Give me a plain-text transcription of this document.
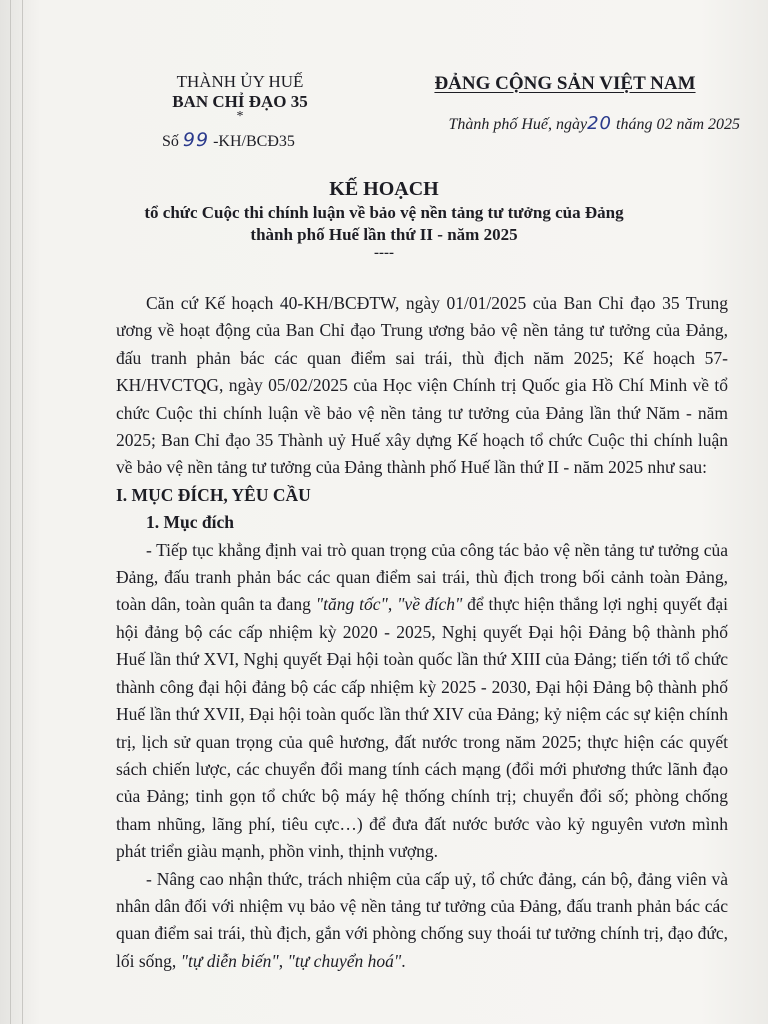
THÀNH ỦY HUẾ
BAN CHỈ ĐẠO 35
*
Số 99 -KH/BCĐ35
ĐẢNG CỘNG SẢN VIỆT NAM
Thành phố Huế, ngày20 tháng 02 năm 2025
KẾ HOẠCH
tổ chức Cuộc thi chính luận về bảo vệ nền tảng tư tưởng của Đảng
thành phố Huế lần thứ II - năm 2025
----

Căn cứ Kế hoạch 40-KH/BCĐTW, ngày 01/01/2025 của Ban Chỉ đạo 35 Trung ương về hoạt động của Ban Chỉ đạo Trung ương bảo vệ nền tảng tư tưởng của Đảng, đấu tranh phản bác các quan điểm sai trái, thù địch năm 2025; Kế hoạch 57-KH/HVCTQG, ngày 05/02/2025 của Học viện Chính trị Quốc gia Hồ Chí Minh về tổ chức Cuộc thi chính luận về bảo vệ nền tảng tư tưởng của Đảng lần thứ Năm - năm 2025; Ban Chỉ đạo 35 Thành uỷ Huế xây dựng Kế hoạch tổ chức Cuộc thi chính luận về bảo vệ nền tảng tư tưởng của Đảng thành phố Huế lần thứ II - năm 2025 như sau:

I. MỤC ĐÍCH, YÊU CẦU

1. Mục đích

- Tiếp tục khẳng định vai trò quan trọng của công tác bảo vệ nền tảng tư tưởng của Đảng, đấu tranh phản bác các quan điểm sai trái, thù địch trong bối cảnh toàn Đảng, toàn dân, toàn quân ta đang "tăng tốc", "về đích" để thực hiện thắng lợi nghị quyết đại hội đảng bộ các cấp nhiệm kỳ 2020 - 2025, Nghị quyết Đại hội Đảng bộ thành phố Huế lần thứ XVI, Nghị quyết Đại hội toàn quốc lần thứ XIII của Đảng; tiến tới tổ chức thành công đại hội đảng bộ các cấp nhiệm kỳ 2025 - 2030, Đại hội Đảng bộ thành phố Huế lần thứ XVII, Đại hội toàn quốc lần thứ XIV của Đảng; kỷ niệm các sự kiện chính trị, lịch sử quan trọng của quê hương, đất nước trong năm 2025; thực hiện các quyết sách chiến lược, các chuyển đổi mang tính cách mạng (đổi mới phương thức lãnh đạo của Đảng; tinh gọn tổ chức bộ máy hệ thống chính trị; chuyển đổi số; phòng chống tham nhũng, lãng phí, tiêu cực…) để đưa đất nước bước vào kỷ nguyên vươn mình phát triển giàu mạnh, phồn vinh, thịnh vượng.

- Nâng cao nhận thức, trách nhiệm của cấp uỷ, tổ chức đảng, cán bộ, đảng viên và nhân dân đối với nhiệm vụ bảo vệ nền tảng tư tưởng của Đảng, đấu tranh phản bác các quan điểm sai trái, thù địch, gắn với phòng chống suy thoái tư tưởng chính trị, đạo đức, lối sống, "tự diễn biến", "tự chuyển hoá".
